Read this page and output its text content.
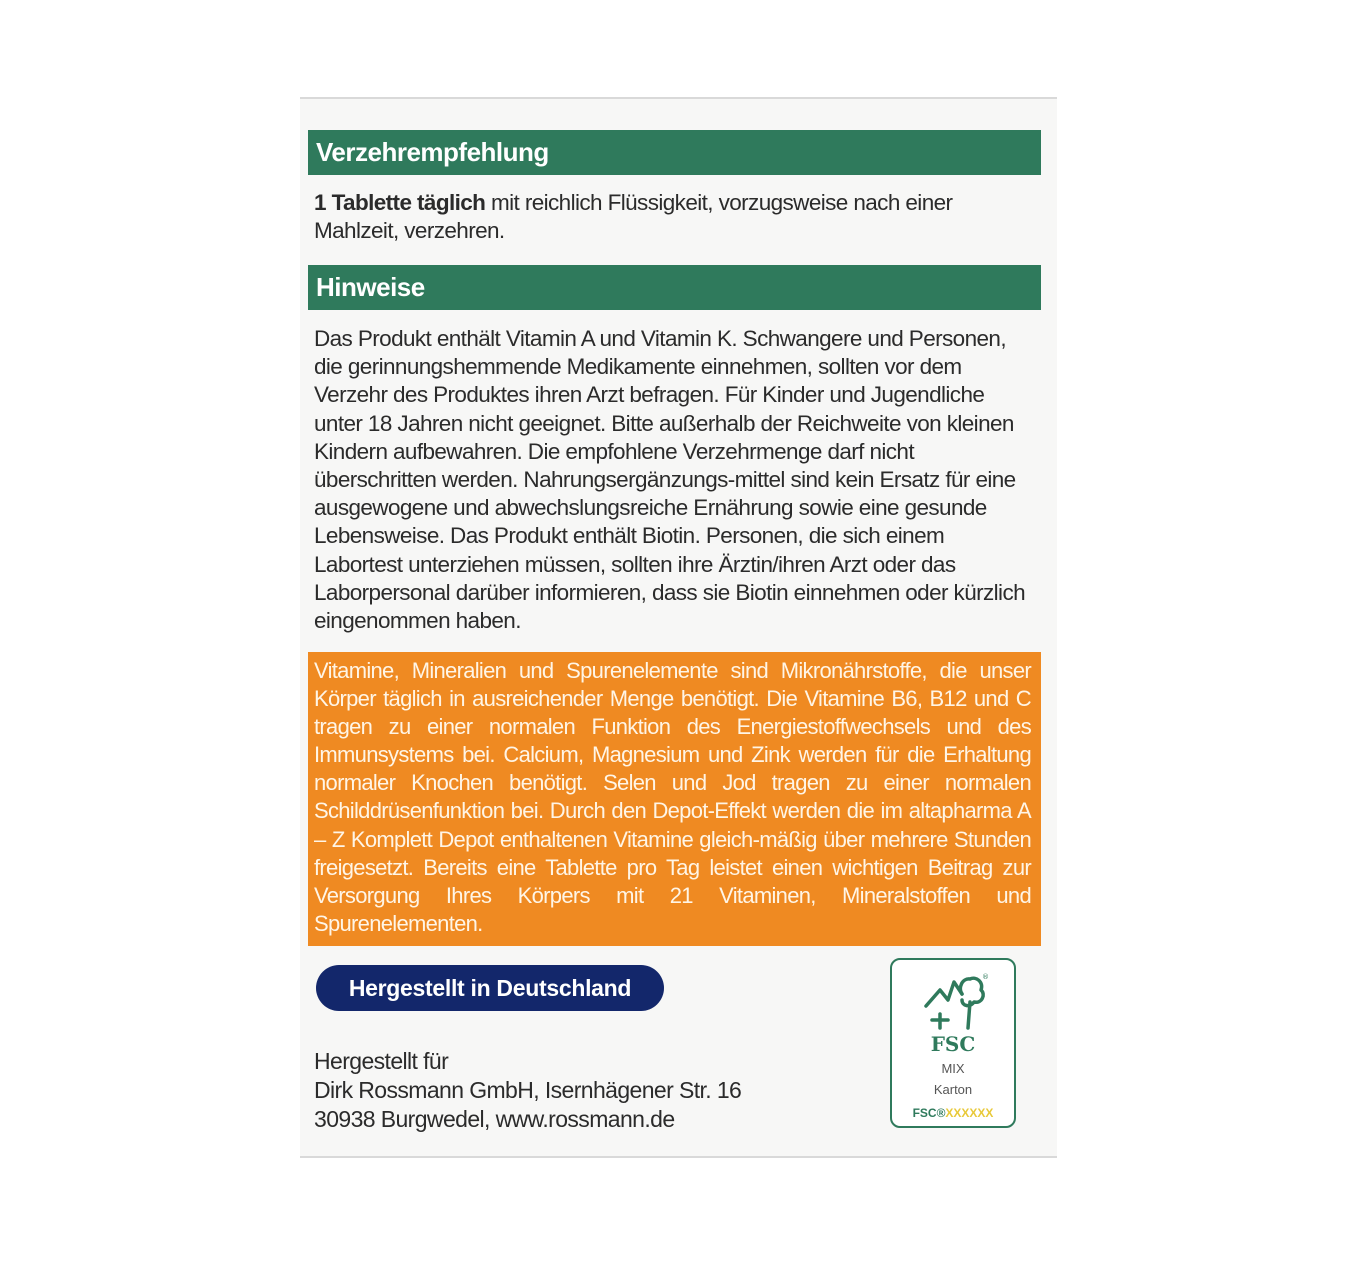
Verzehrempfehlung
1 Tablette täglich mit reichlich Flüssigkeit, vorzugsweise nach einer Mahlzeit, verzehren.
Hinweise
Das Produkt enthält Vitamin A und Vitamin K. Schwangere und Personen, die gerinnungshemmende Medikamente einnehmen, sollten vor dem Verzehr des Produktes ihren Arzt befragen. Für Kinder und Jugendliche unter 18 Jahren nicht geeignet. Bitte außerhalb der Reichweite von kleinen Kindern aufbewahren. Die empfohlene Verzehrmenge darf nicht überschritten werden. Nahrungsergänzungs-mittel sind kein Ersatz für eine ausgewogene und abwechslungsreiche Ernährung sowie eine gesunde Lebensweise. Das Produkt enthält Biotin. Personen, die sich einem Labortest unterziehen müssen, sollten ihre Ärztin/ihren Arzt oder das Laborpersonal darüber informieren, dass sie Biotin einnehmen oder kürzlich eingenommen haben.
Vitamine, Mineralien und Spurenelemente sind Mikronährstoffe, die unser Körper täglich in ausreichender Menge benötigt. Die Vitamine B6, B12 und C tragen zu einer normalen Funktion des Energiestoffwechsels und des Immunsystems bei. Calcium, Magnesium und Zink werden für die Erhaltung normaler Knochen benötigt. Selen und Jod tragen zu einer normalen Schilddrüsenfunktion bei. Durch den Depot-Effekt werden die im altapharma A – Z Komplett Depot enthaltenen Vitamine gleich-mäßig über mehrere Stunden freigesetzt. Bereits eine Tablette pro Tag leistet einen wichtigen Beitrag zur Versorgung Ihres Körpers mit 21 Vitaminen, Mineralstoffen und Spurenelementen.
Hergestellt in Deutschland
Hergestellt für
Dirk Rossmann GmbH, Isernhägener Str. 16
30938 Burgwedel, www.rossmann.de
®
FSC
MIX
Karton
FSC®XXXXXX
